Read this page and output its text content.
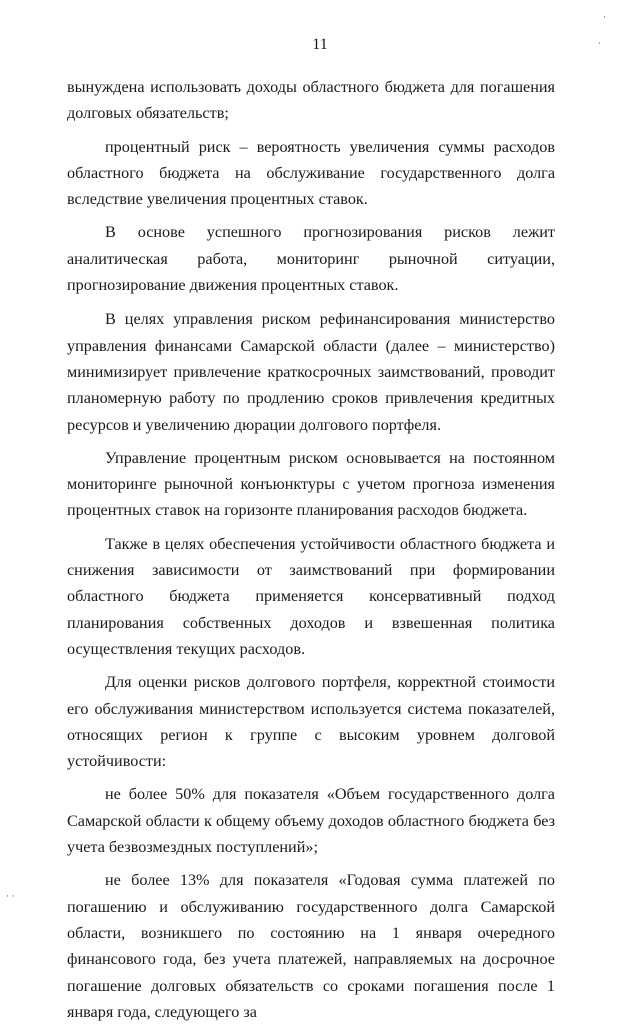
11

вынуждена использовать доходы областного бюджета для погашения долговых обязательств;

процентный риск – вероятность увеличения суммы расходов областного бюджета на обслуживание государственного долга вследствие увеличения процентных ставок.

В основе успешного прогнозирования рисков лежит аналитическая работа, мониторинг рыночной ситуации, прогнозирование движения процентных ставок.

В целях управления риском рефинансирования министерство управления финансами Самарской области (далее – министерство) минимизирует привлечение краткосрочных заимствований, проводит планомерную работу по продлению сроков привлечения кредитных ресурсов и увеличению дюрации долгового портфеля.

Управление процентным риском основывается на постоянном мониторинге рыночной конъюнктуры с учетом прогноза изменения процентных ставок на горизонте планирования расходов бюджета.

Также в целях обеспечения устойчивости областного бюджета и снижения зависимости от заимствований при формировании областного бюджета применяется консервативный подход планирования собственных доходов и взвешенная политика осуществления текущих расходов.

Для оценки рисков долгового портфеля, корректной стоимости его обслуживания министерством используется система показателей, относящих регион к группе с высоким уровнем долговой устойчивости:

не более 50% для показателя «Объем государственного долга Самарской области к общему объему доходов областного бюджета без учета безвозмездных поступлений»;

не более 13% для показателя «Годовая сумма платежей по погашению и обслуживанию государственного долга Самарской области, возникшего по состоянию на 1 января очередного финансового года, без учета платежей, направляемых на досрочное погашение долговых обязательств со сроками погашения после 1 января года, следующего за

·
·
· ·
